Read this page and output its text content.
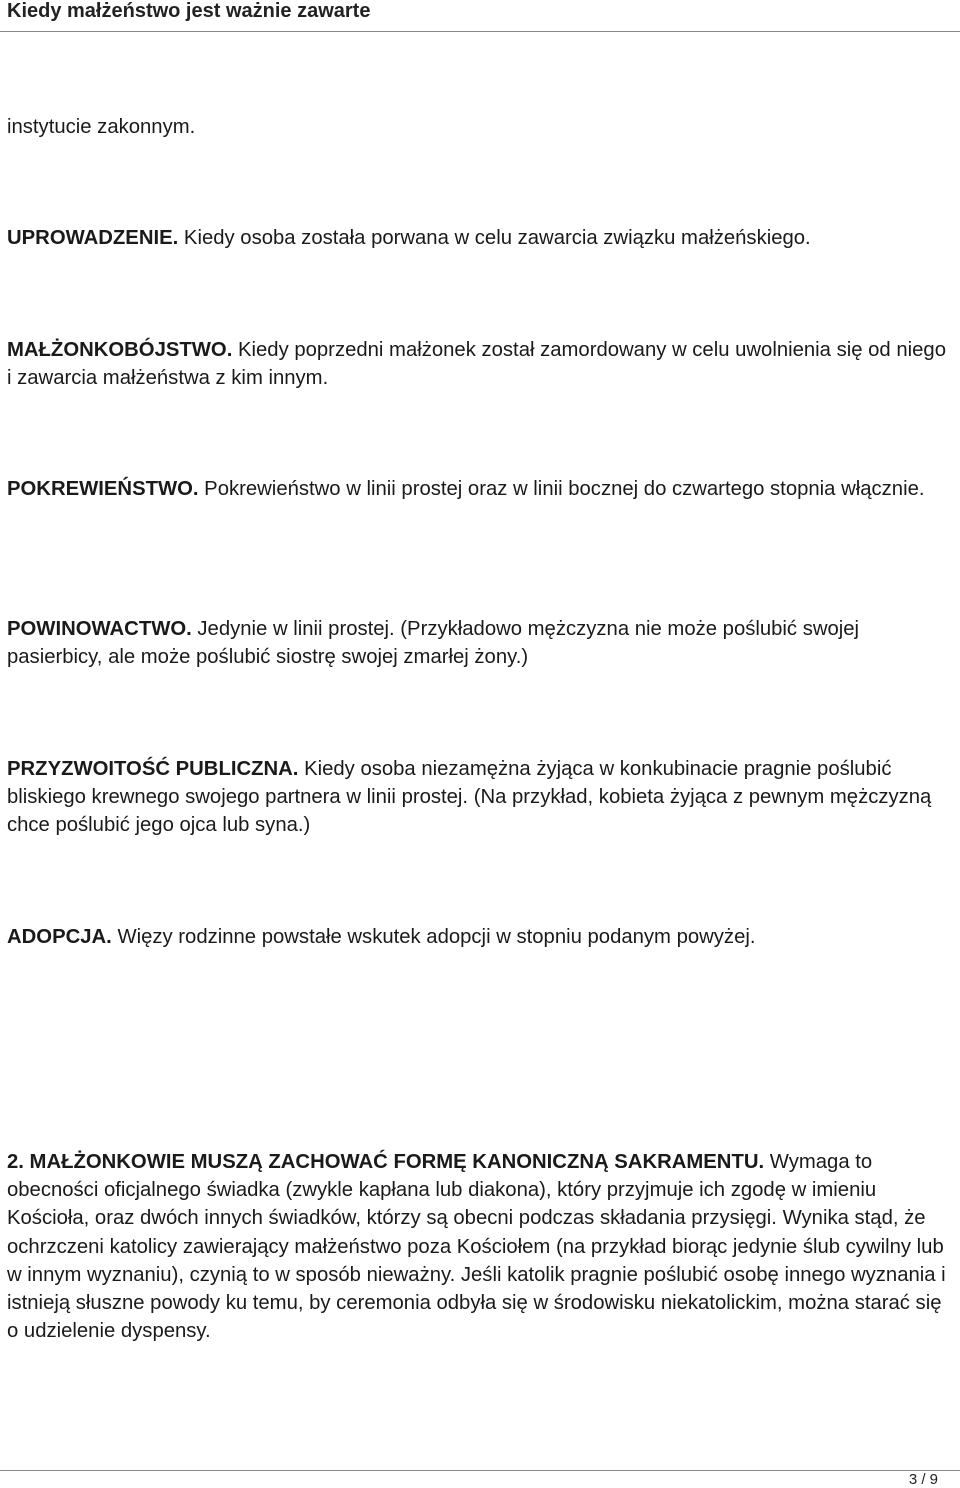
Kiedy małżeństwo jest ważnie zawarte

instytucie zakonnym.

UPROWADZENIE. Kiedy osoba została porwana w celu zawarcia związku małżeńskiego.

MAŁŻONKOBÓJSTWO. Kiedy poprzedni małżonek został zamordowany w celu uwolnienia się od niego i zawarcia małżeństwa z kim innym.

POKREWIEŃSTWO. Pokrewieństwo w linii prostej oraz w linii bocznej do czwartego stopnia włącznie.

POWINOWACTWO. Jedynie w linii prostej. (Przykładowo mężczyzna nie może poślubić swojej pasierbicy, ale może poślubić siostrę swojej zmarłej żony.)

PRZYZWOITOŚĆ PUBLICZNA. Kiedy osoba niezamężna żyjąca w konkubinacie pragnie poślubić bliskiego krewnego swojego partnera w linii prostej. (Na przykład, kobieta żyjąca z pewnym mężczyzną chce poślubić jego ojca lub syna.)

ADOPCJA. Więzy rodzinne powstałe wskutek adopcji w stopniu podanym powyżej.

2. MAŁŻONKOWIE MUSZĄ ZACHOWAĆ FORMĘ KANONICZNĄ SAKRAMENTU. Wymaga to obecności oficjalnego świadka (zwykle kapłana lub diakona), który przyjmuje ich zgodę w imieniu Kościoła, oraz dwóch innych świadków, którzy są obecni podczas składania przysięgi. Wynika stąd, że ochrzczeni katolicy zawierający małżeństwo poza Kościołem (na przykład biorąc jedynie ślub cywilny lub w innym wyznaniu), czynią to w sposób nieważny. Jeśli katolik pragnie poślubić osobę innego wyznania i istnieją słuszne powody ku temu, by ceremonia odbyła się w środowisku niekatolickim, można starać się o udzielenie dyspensy.

3 / 9
